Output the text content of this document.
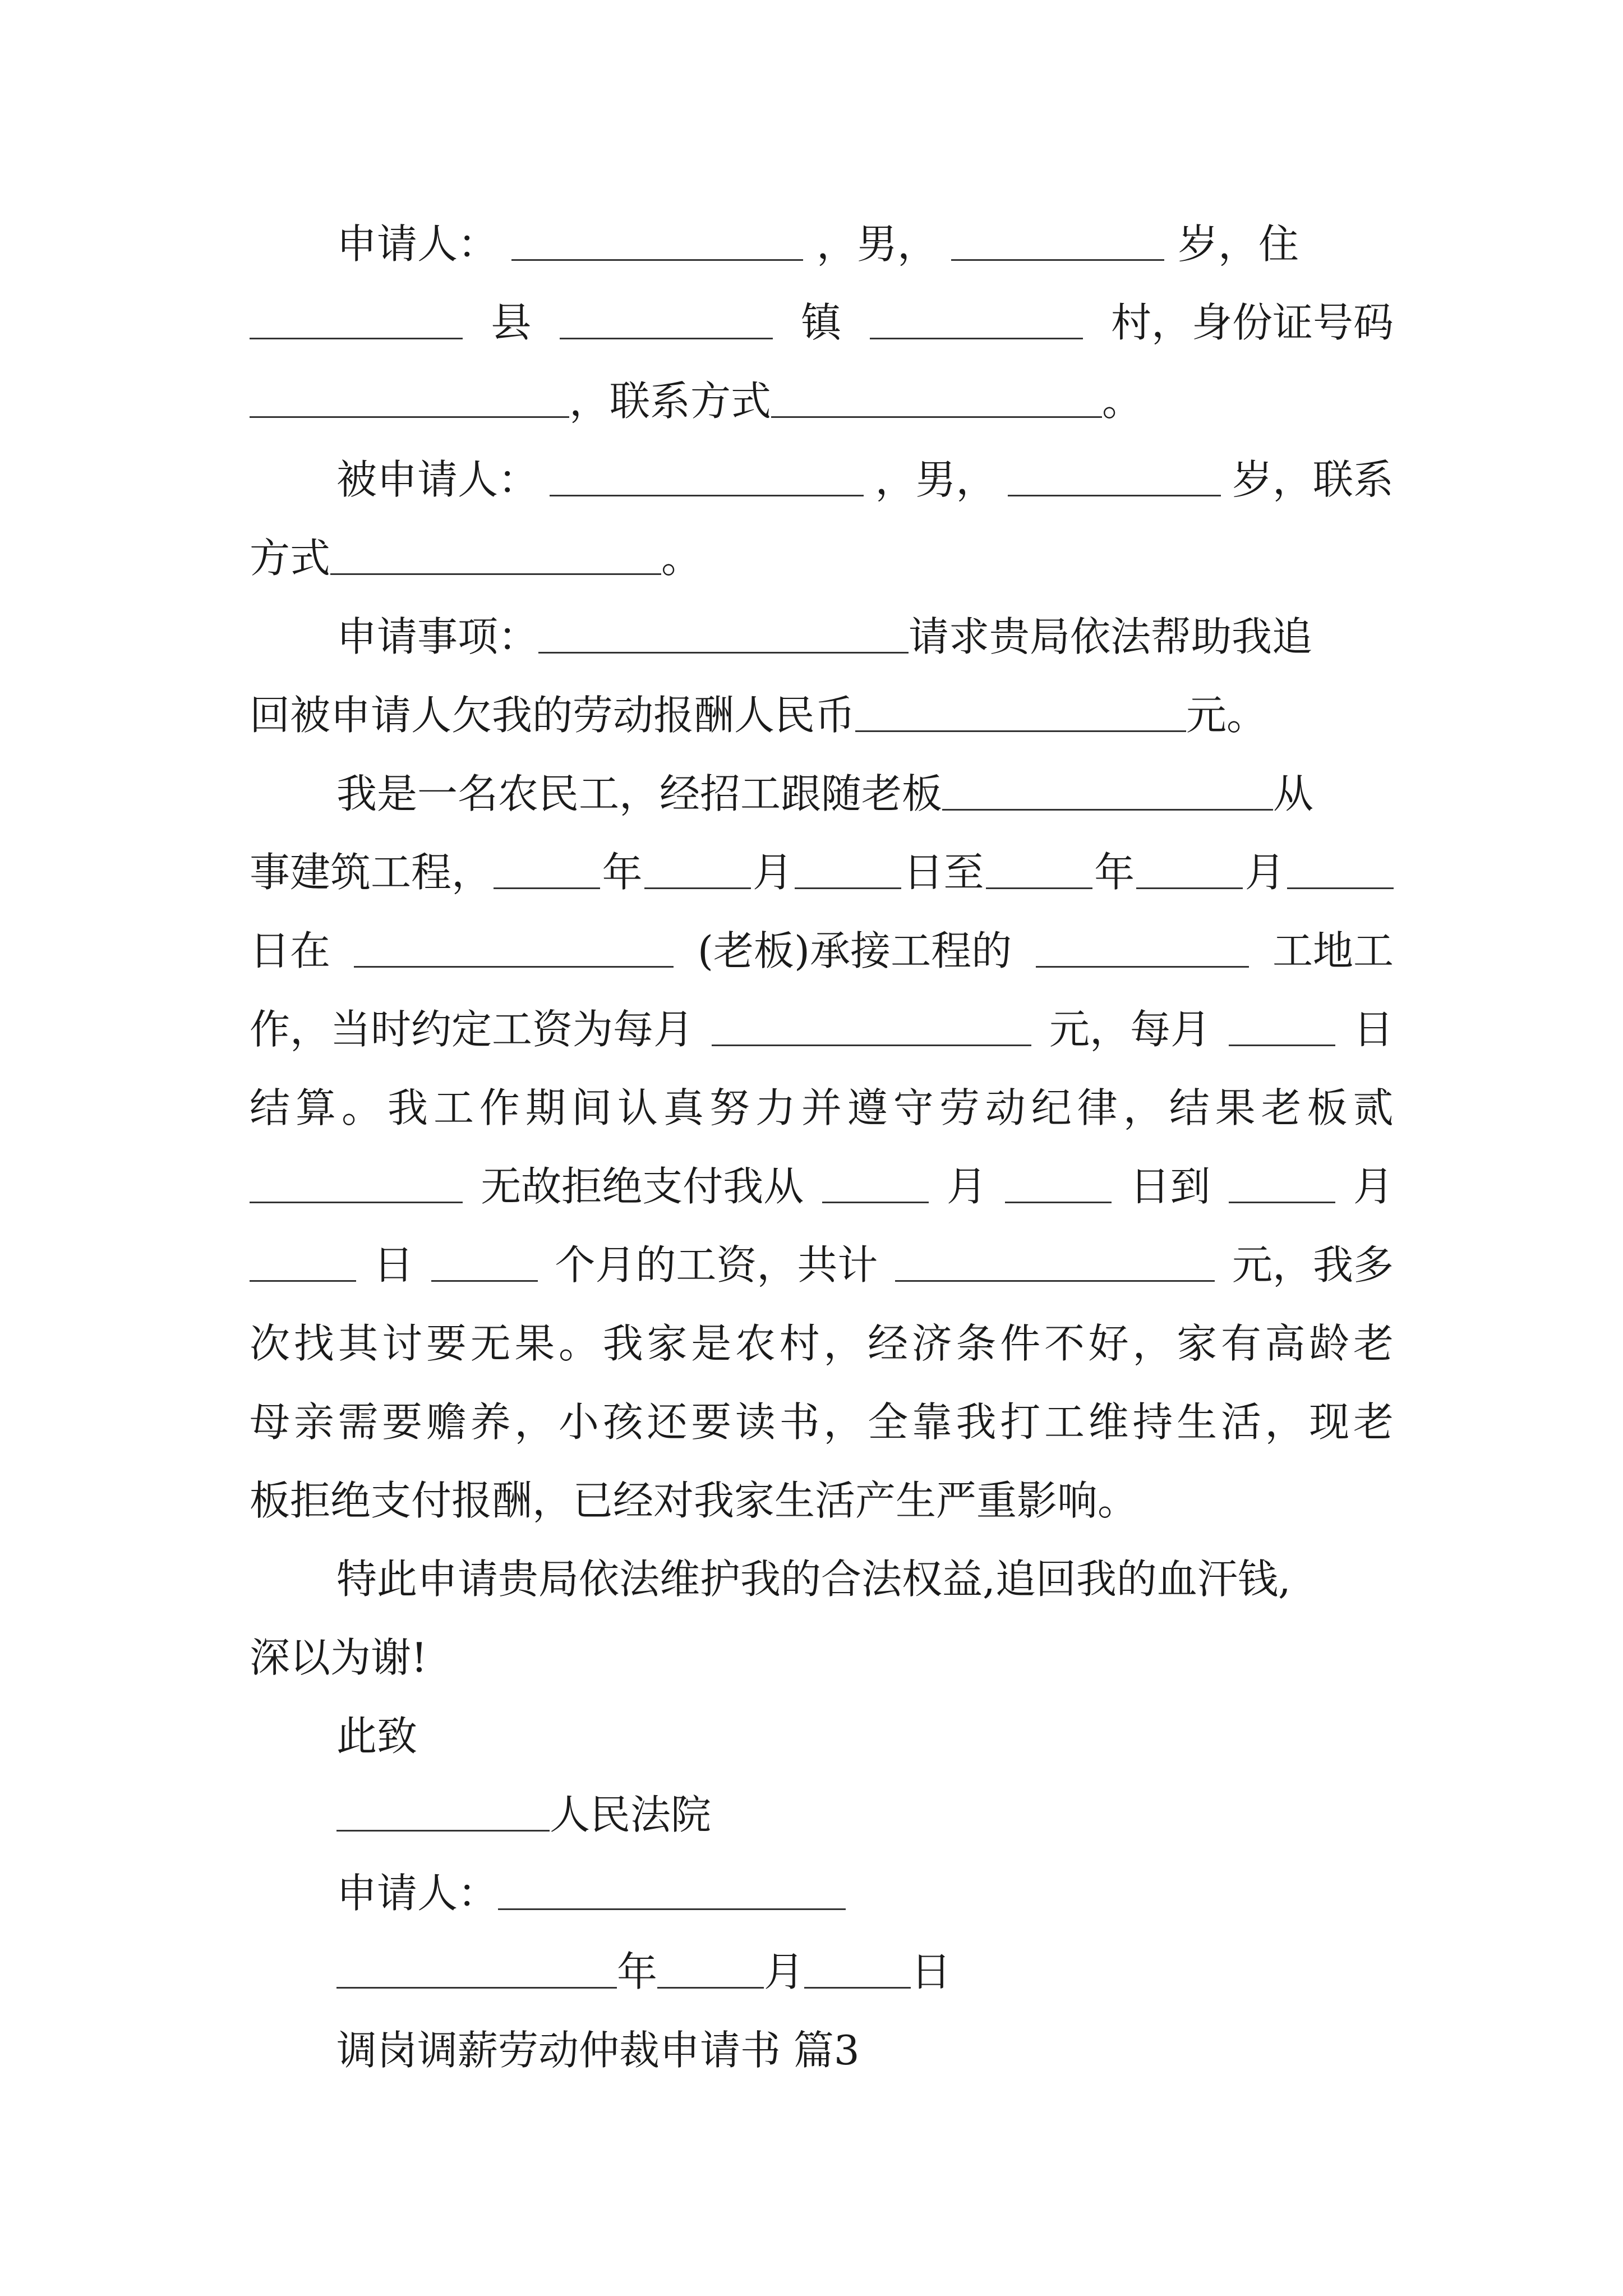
申请人：	，男，	岁，住
县	镇	村，身份证号码
，联系方式	。
被申请人：	，男，	岁，联系
方式	。
申请事项：	请求贵局依法帮助我追
回被申请人欠我的劳动报酬人民币	元。
我是一名农民工，经招工跟随老板	从
事建筑工程，	年	月	日至	年	月
日在	(老板)承接工程的	工地工
作，当时约定工资为每月	元，每月	日
结 算 。 我 工 作 期 间 认 真 努 力 并 遵 守 劳 动 纪 律 ， 结 果 老 板 贰
无故拒绝支付我从	月	日到	月
日	个月的工资，共计	元，我多
次 找 其 讨 要 无 果 。 我 家 是 农 村 ， 经 济 条 件 不 好 ， 家 有 高 龄 老
母 亲 需 要 赡 养 ， 小 孩 还 要 读 书 ， 全 靠 我 打 工 维 持 生 活 ， 现 老
板拒绝支付报酬，已经对我家生活产生严重影响。
特此申请贵局依法维护我的合法权益,追回我的血汗钱,
深以为谢!
此致
人民法院
申请人：
年	月	日
调岗调薪劳动仲裁申请书 篇3
